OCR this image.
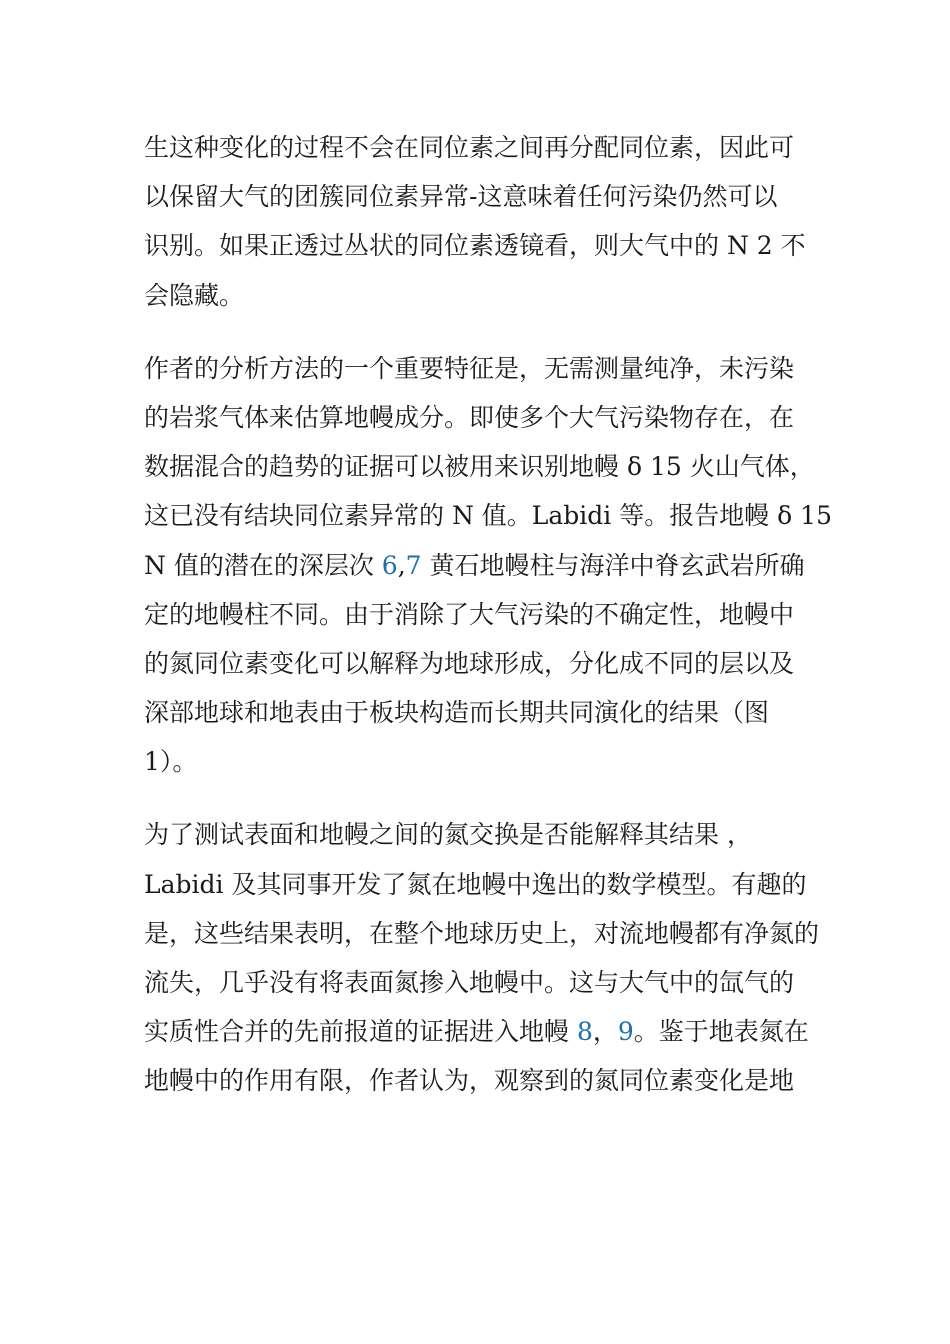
生这种变化的过程不会在同位素之间再分配同位素，因此可
以保留大气的团簇同位素异常-这意味着任何污染仍然可以
识别。如果正透过丛状的同位素透镜看，则大气中的 N 2 不
会隐藏。

作者的分析方法的一个重要特征是，无需测量纯净，未污染
的岩浆气体来估算地幔成分。即使多个大气污染物存在，在
数据混合的趋势的证据可以被用来识别地幔 δ 15 火山气体，
这已没有结块同位素异常的 N 值。Labidi 等。报告地幔 δ 15
N 值的潜在的深层次 6,7 黄石地幔柱与海洋中脊玄武岩所确
定的地幔柱不同。由于消除了大气污染的不确定性，地幔中
的氮同位素变化可以解释为地球形成，分化成不同的层以及
深部地球和地表由于板块构造而长期共同演化的结果（图
1）。

为了测试表面和地幔之间的氮交换是否能解释其结果 ，
Labidi 及其同事开发了氮在地幔中逸出的数学模型。有趣的
是，这些结果表明，在整个地球历史上，对流地幔都有净氮的
流失，几乎没有将表面氮掺入地幔中。这与大气中的氙气的
实质性合并的先前报道的证据进入地幔 8，9。鉴于地表氮在
地幔中的作用有限，作者认为，观察到的氮同位素变化是地
